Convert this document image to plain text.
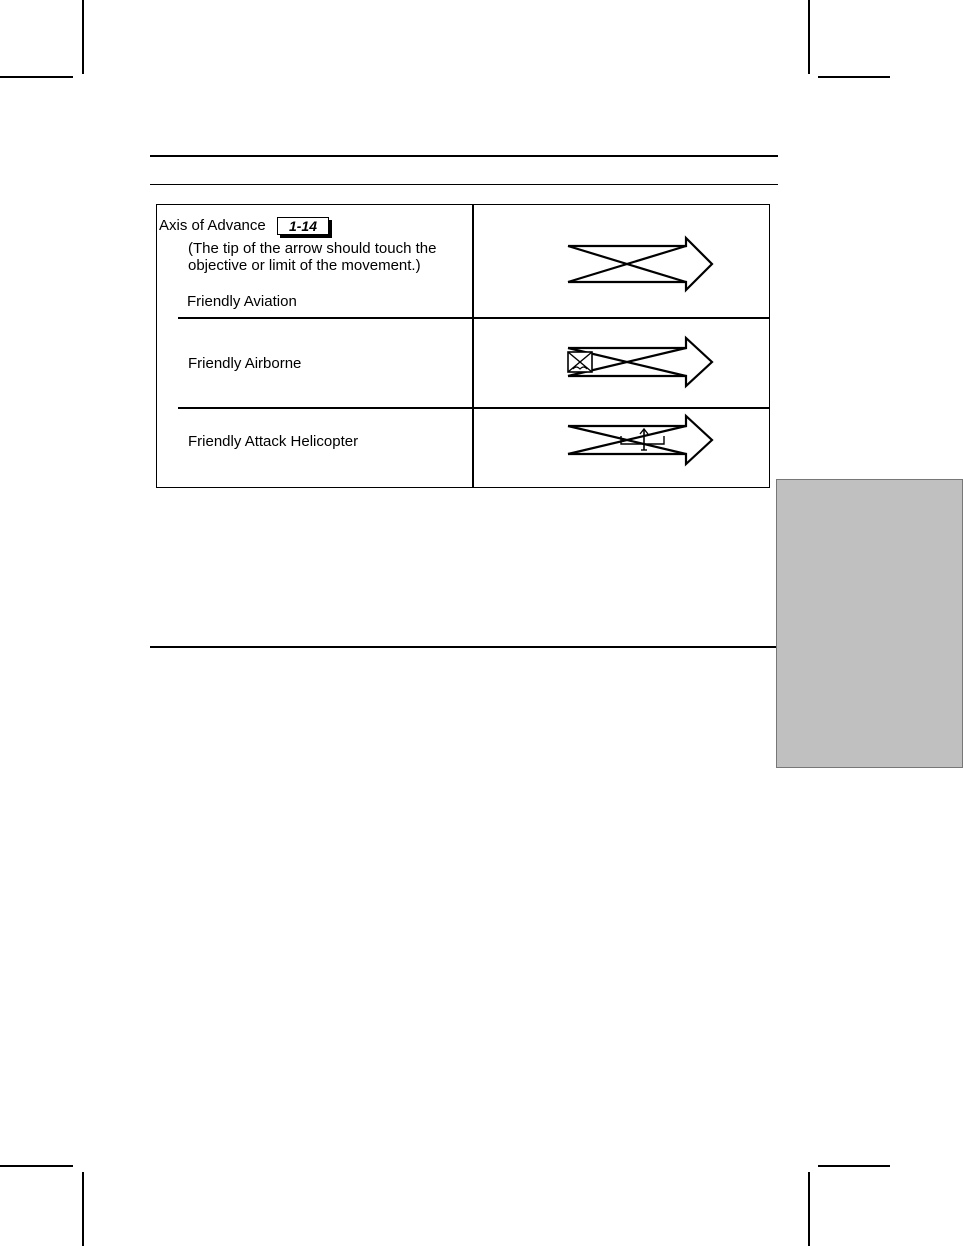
Axis of Advance	1-14
(The tip of the arrow should touch the
objective or limit of the movement.)
Friendly Aviation
Friendly Airborne
Friendly Attack Helicopter
